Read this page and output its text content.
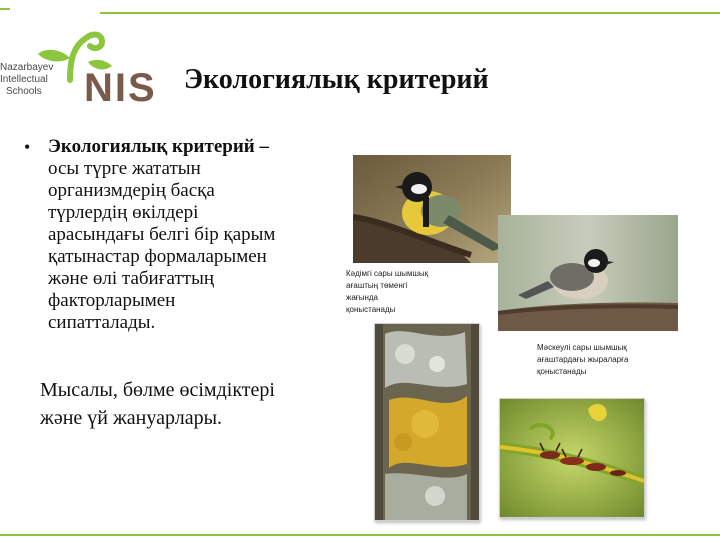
Nazarbayev
Intellectual
Schools NIS Экологиялық критерий
• Экологиялық критерий –
осы түрге жататын
организмдерің басқа
түрлердің өкілдері
арасындағы белгі бір қарым
қатынастар формаларымен
және өлі табиғаттың
факторларымен
сипатталады.
Мысалы, бөлме өсімдіктері
және үй жануарлары.
Кәдімгі сары шымшық
ағаштың төменгі
жағында
қоныстанады
Мәскеулі сары шымшық
ағаштардағы жыраларға
қоныстанады
